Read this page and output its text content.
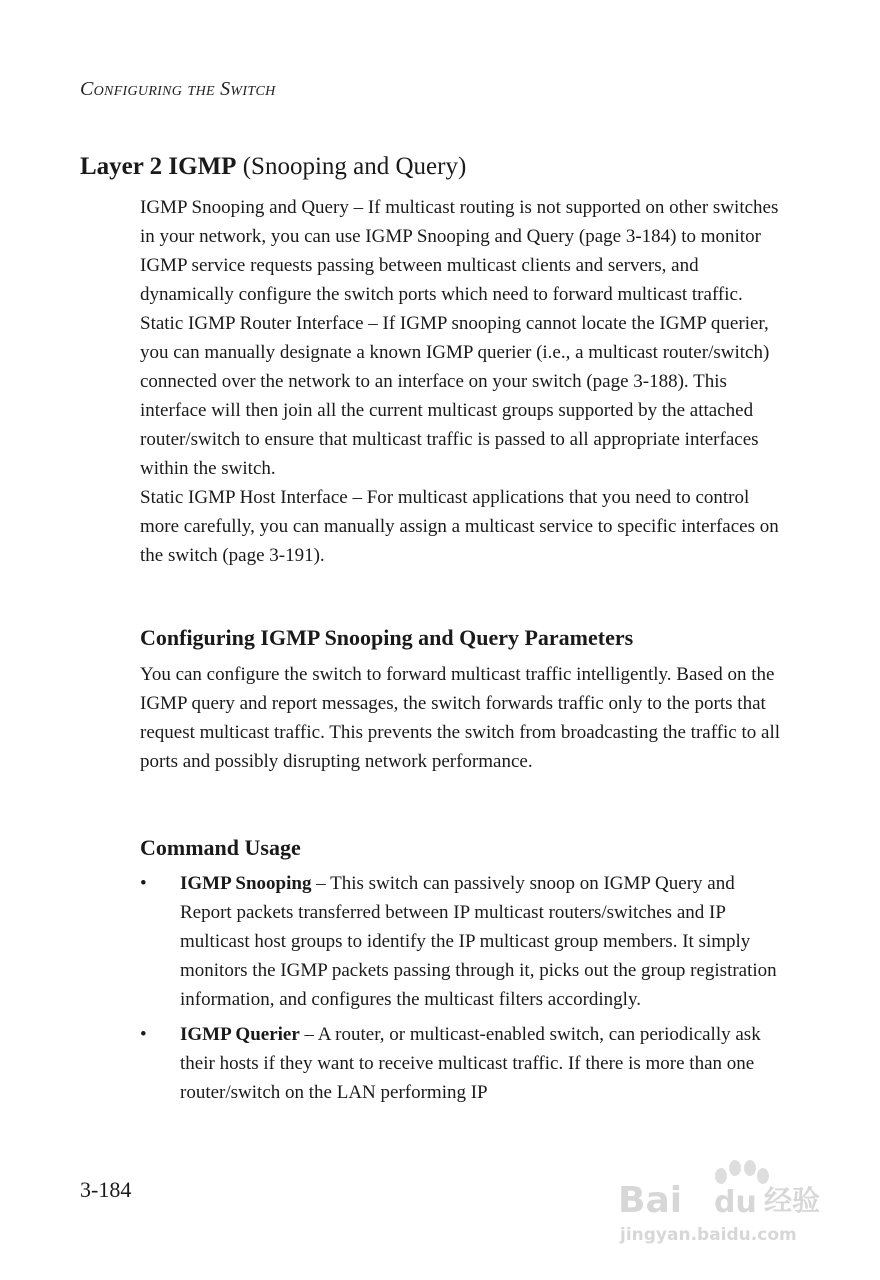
Configuring the Switch
Layer 2 IGMP (Snooping and Query)

IGMP Snooping and Query – If multicast routing is not supported on other switches in your network, you can use IGMP Snooping and Query (page 3-184) to monitor IGMP service requests passing between multicast clients and servers, and dynamically configure the switch ports which need to forward multicast traffic.

Static IGMP Router Interface – If IGMP snooping cannot locate the IGMP querier, you can manually designate a known IGMP querier (i.e., a multicast router/switch) connected over the network to an interface on your switch (page 3-188). This interface will then join all the current multicast groups supported by the attached router/switch to ensure that multicast traffic is passed to all appropriate interfaces within the switch.

Static IGMP Host Interface – For multicast applications that you need to control more carefully, you can manually assign a multicast service to specific interfaces on the switch (page 3-191).

Configuring IGMP Snooping and Query Parameters

You can configure the switch to forward multicast traffic intelligently. Based on the IGMP query and report messages, the switch forwards traffic only to the ports that request multicast traffic. This prevents the switch from broadcasting the traffic to all ports and possibly disrupting network performance.

Command Usage
• IGMP Snooping – This switch can passively snoop on IGMP Query and Report packets transferred between IP multicast routers/switches and IP multicast host groups to identify the IP multicast group members. It simply monitors the IGMP packets passing through it, picks out the group registration information, and configures the multicast filters accordingly.
• IGMP Querier – A router, or multicast-enabled switch, can periodically ask their hosts if they want to receive multicast traffic. If there is more than one router/switch on the LAN performing IP
3-184	Bai du 经验
jingyan.baidu.com
